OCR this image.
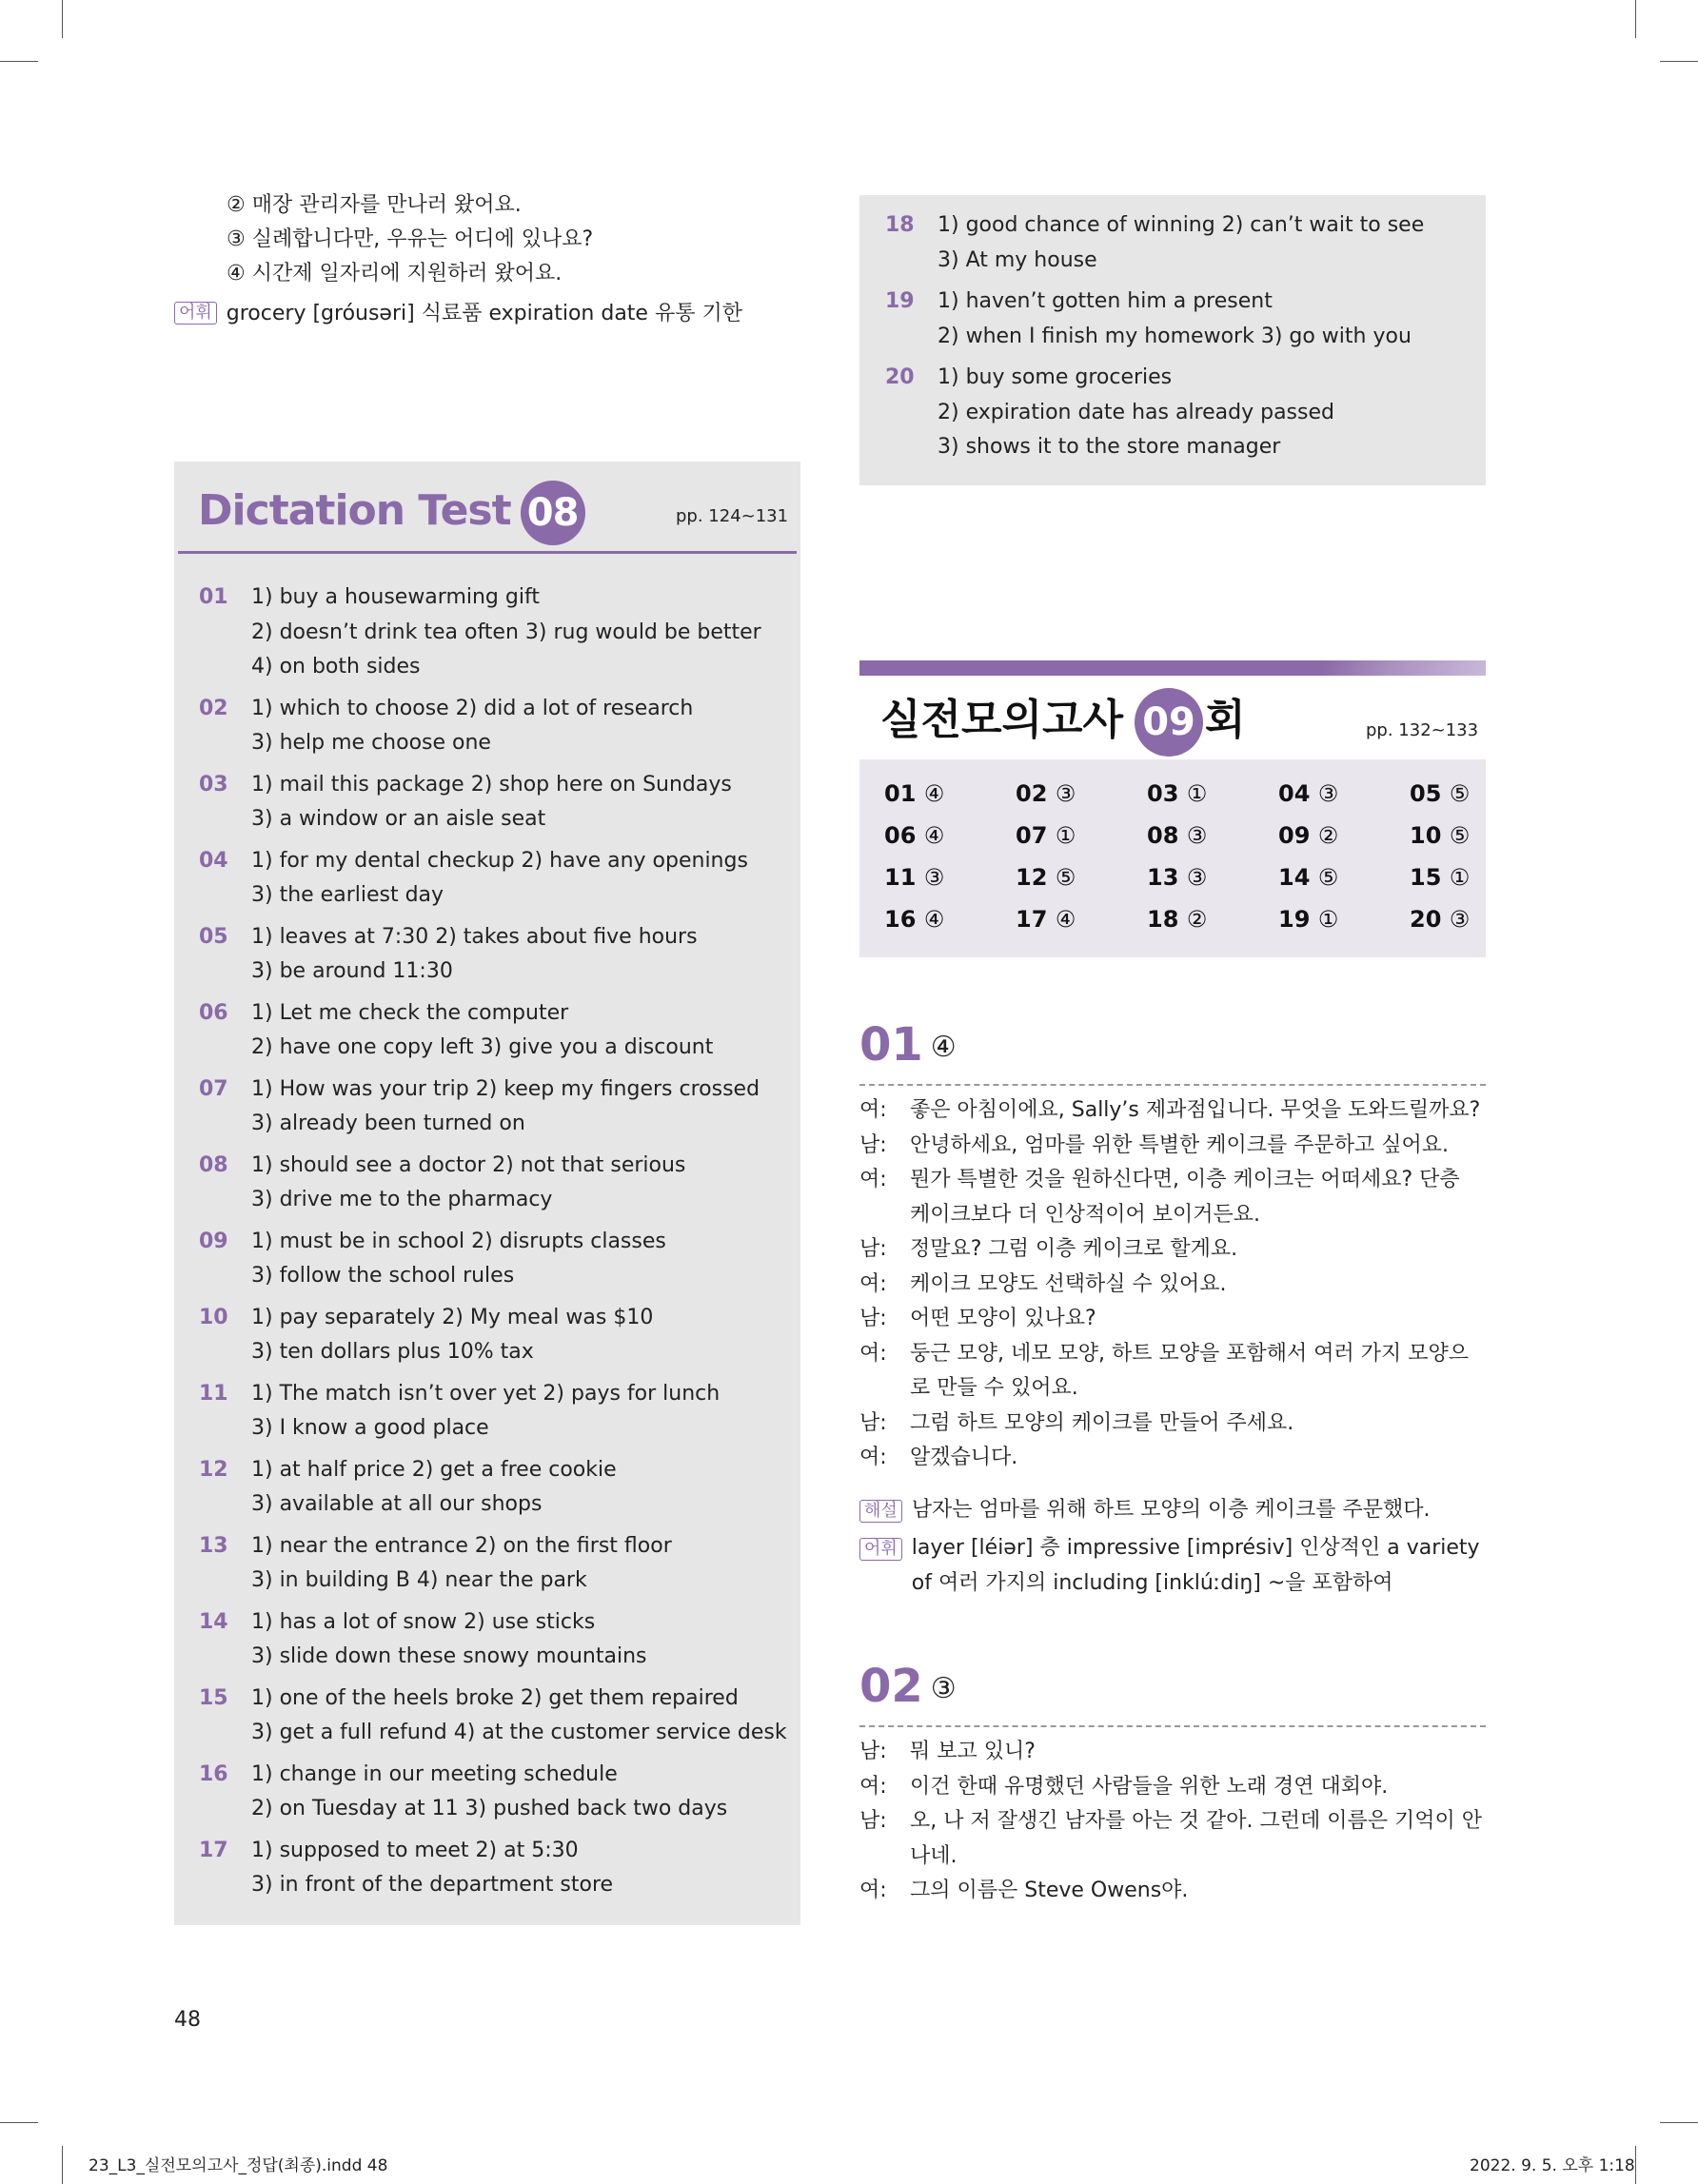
② 매장 관리자를 만나러 왔어요.
③ 실례합니다만, 우유는 어디에 있나요?
④ 시간제 일자리에 지원하러 왔어요.
어휘 grocery [gróusəri] 식료품 expiration date 유통 기한
Dictation Test 08	pp. 124~131
01	1) buy a housewarming gift
2) doesn’t drink tea often 3) rug would be better
4) on both sides
02	1) which to choose 2) did a lot of research
3) help me choose one
03	1) mail this package 2) shop here on Sundays
3) a window or an aisle seat
04	1) for my dental checkup 2) have any openings
3) the earliest day
05	1) leaves at 7:30 2) takes about five hours
3) be around 11:30
06	1) Let me check the computer
2) have one copy left 3) give you a discount
07	1) How was your trip 2) keep my fingers crossed
3) already been turned on
08	1) should see a doctor 2) not that serious
3) drive me to the pharmacy
09	1) must be in school 2) disrupts classes
3) follow the school rules
10	1) pay separately 2) My meal was $10
3) ten dollars plus 10% tax
11	1) The match isn’t over yet 2) pays for lunch
3) I know a good place
12	1) at half price 2) get a free cookie
3) available at all our shops
13	1) near the entrance 2) on the first floor
3) in building B 4) near the park
14	1) has a lot of snow 2) use sticks
3) slide down these snowy mountains
15	1) one of the heels broke 2) get them repaired
3) get a full refund 4) at the customer service desk
16	1) change in our meeting schedule
2) on Tuesday at 11 3) pushed back two days
17	1) supposed to meet 2) at 5:30
3) in front of the department store
18	1) good chance of winning 2) can’t wait to see
3) At my house
19	1) haven’t gotten him a present
2) when I finish my homework 3) go with you
20	1) buy some groceries
2) expiration date has already passed
3) shows it to the store manager
실전모의고사 09 회	pp. 132~133
01 ④	02 ③	03 ①	04 ③	05 ⑤
06 ④	07 ①	08 ③	09 ②	10 ⑤
11 ③	12 ⑤	13 ③	14 ⑤	15 ①
16 ④	17 ④	18 ②	19 ①	20 ③
01 ④
여:	좋은 아침이에요, Sally’s 제과점입니다. 무엇을 도와드릴까요?
남:	안녕하세요, 엄마를 위한 특별한 케이크를 주문하고 싶어요.
여:	뭔가 특별한 것을 원하신다면, 이층 케이크는 어떠세요? 단층 케이크보다 더 인상적이어 보이거든요.
남:	정말요? 그럼 이층 케이크로 할게요.
여:	케이크 모양도 선택하실 수 있어요.
남:	어떤 모양이 있나요?
여:	둥근 모양, 네모 모양, 하트 모양을 포함해서 여러 가지 모양으로 만들 수 있어요.
남:	그럼 하트 모양의 케이크를 만들어 주세요.
여:	알겠습니다.
해설 남자는 엄마를 위해 하트 모양의 이층 케이크를 주문했다.
어휘 layer [léiər] 층 impressive [imprésiv] 인상적인 a variety of 여러 가지의 including [inklúːdiŋ] ~을 포함하여
02 ③
남:	뭐 보고 있니?
여:	이건 한때 유명했던 사람들을 위한 노래 경연 대회야.
남:	오, 나 저 잘생긴 남자를 아는 것 같아. 그런데 이름은 기억이 안 나네.
여:	그의 이름은 Steve Owens야.
48
23_L3_실전모의고사_정답(최종).indd 48	2022. 9. 5. 오후 1:18
